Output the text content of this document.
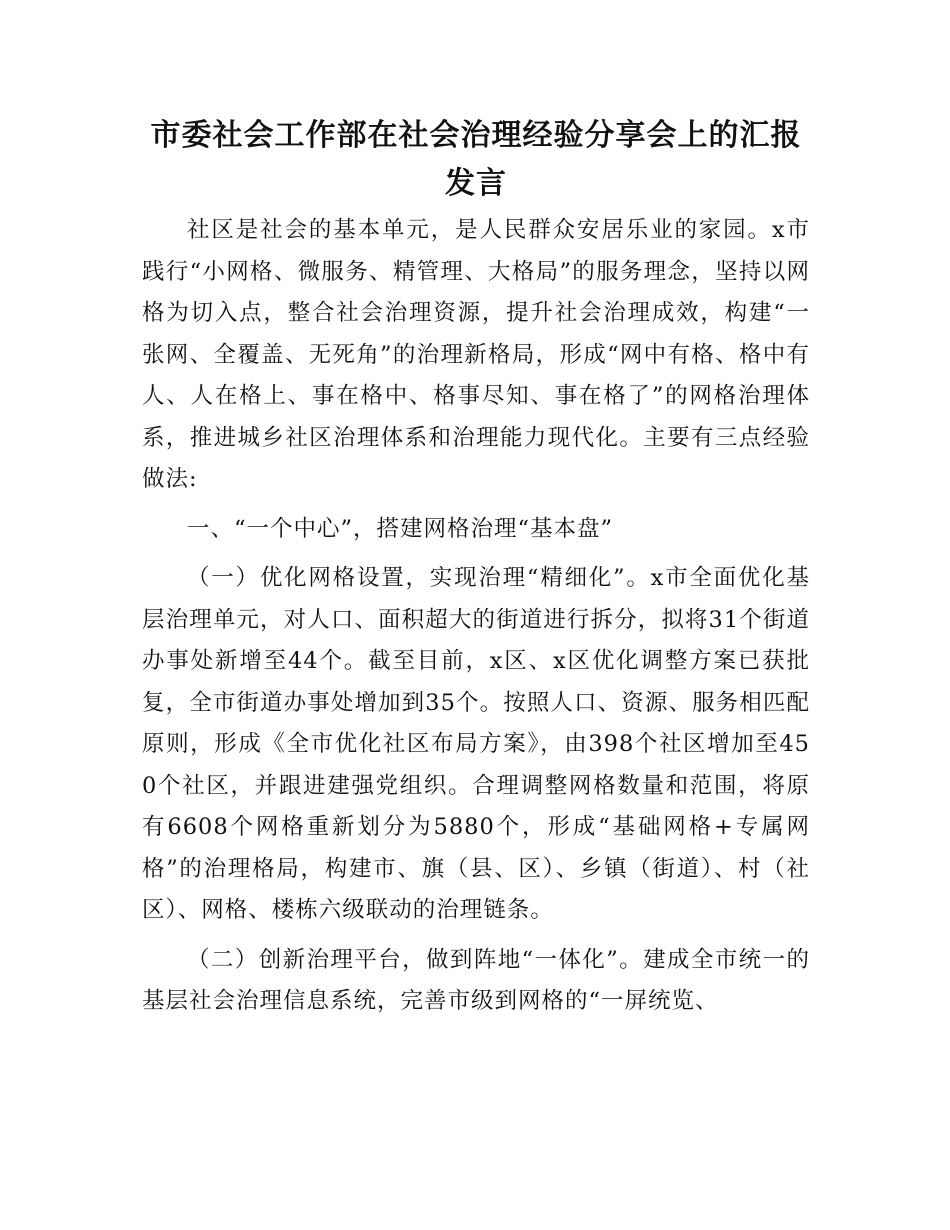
市委社会工作部在社会治理经验分享会上的汇报发言

社区是社会的基本单元，是人民群众安居乐业的家园。x市践行“小网格、微服务、精管理、大格局”的服务理念，坚持以网格为切入点，整合社会治理资源，提升社会治理成效，构建“一张网、全覆盖、无死角”的治理新格局，形成“网中有格、格中有人、人在格上、事在格中、格事尽知、事在格了”的网格治理体系，推进城乡社区治理体系和治理能力现代化。主要有三点经验做法:

一、“一个中心”，搭建网格治理“基本盘”

（一）优化网格设置，实现治理“精细化”。x市全面优化基层治理单元，对人口、面积超大的街道进行拆分，拟将31个街道办事处新增至44个。截至目前，x区、x区优化调整方案已获批复，全市街道办事处增加到35个。按照人口、资源、服务相匹配原则，形成《全市优化社区布局方案》，由398个社区增加至450个社区，并跟进建强党组织。合理调整网格数量和范围，将原有6608个网格重新划分为5880个，形成“基础网格+专属网格”的治理格局，构建市、旗（县、区）、乡镇（街道）、村（社区）、网格、楼栋六级联动的治理链条。

（二）创新治理平台，做到阵地“一体化”。建成全市统一的基层社会治理信息系统，完善市级到网格的“一屏统览、
